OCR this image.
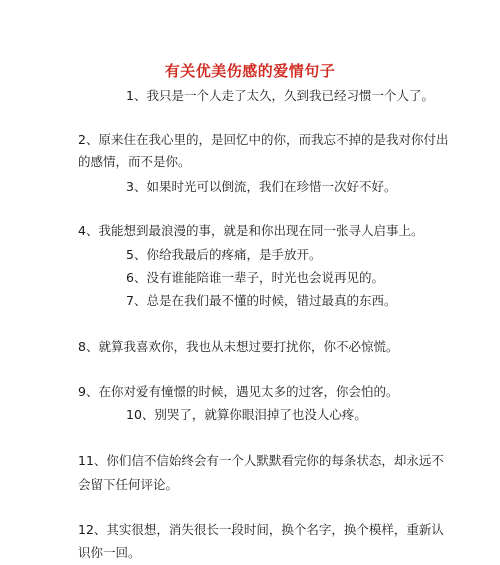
有关优美伤感的爱情句子
1、我只是一个人走了太久，久到我已经习惯一个人了。
2、原来住在我心里的，是回忆中的你，而我忘不掉的是我对你付出
的感情，而不是你。
3、如果时光可以倒流，我们在珍惜一次好不好。
4、我能想到最浪漫的事，就是和你出现在同一张寻人启事上。
5、你给我最后的疼痛，是手放开。
6、没有谁能陪谁一辈子，时光也会说再见的。
7、总是在我们最不懂的时候，错过最真的东西。
8、就算我喜欢你，我也从未想过要打扰你，你不必惊慌。
9、在你对爱有憧憬的时候，遇见太多的过客，你会怕的。
10、别哭了，就算你眼泪掉了也没人心疼。
11、你们信不信始终会有一个人默默看完你的每条状态，却永远不
会留下任何评论。
12、其实很想，消失很长一段时间，换个名字，换个模样，重新认
识你一回。
